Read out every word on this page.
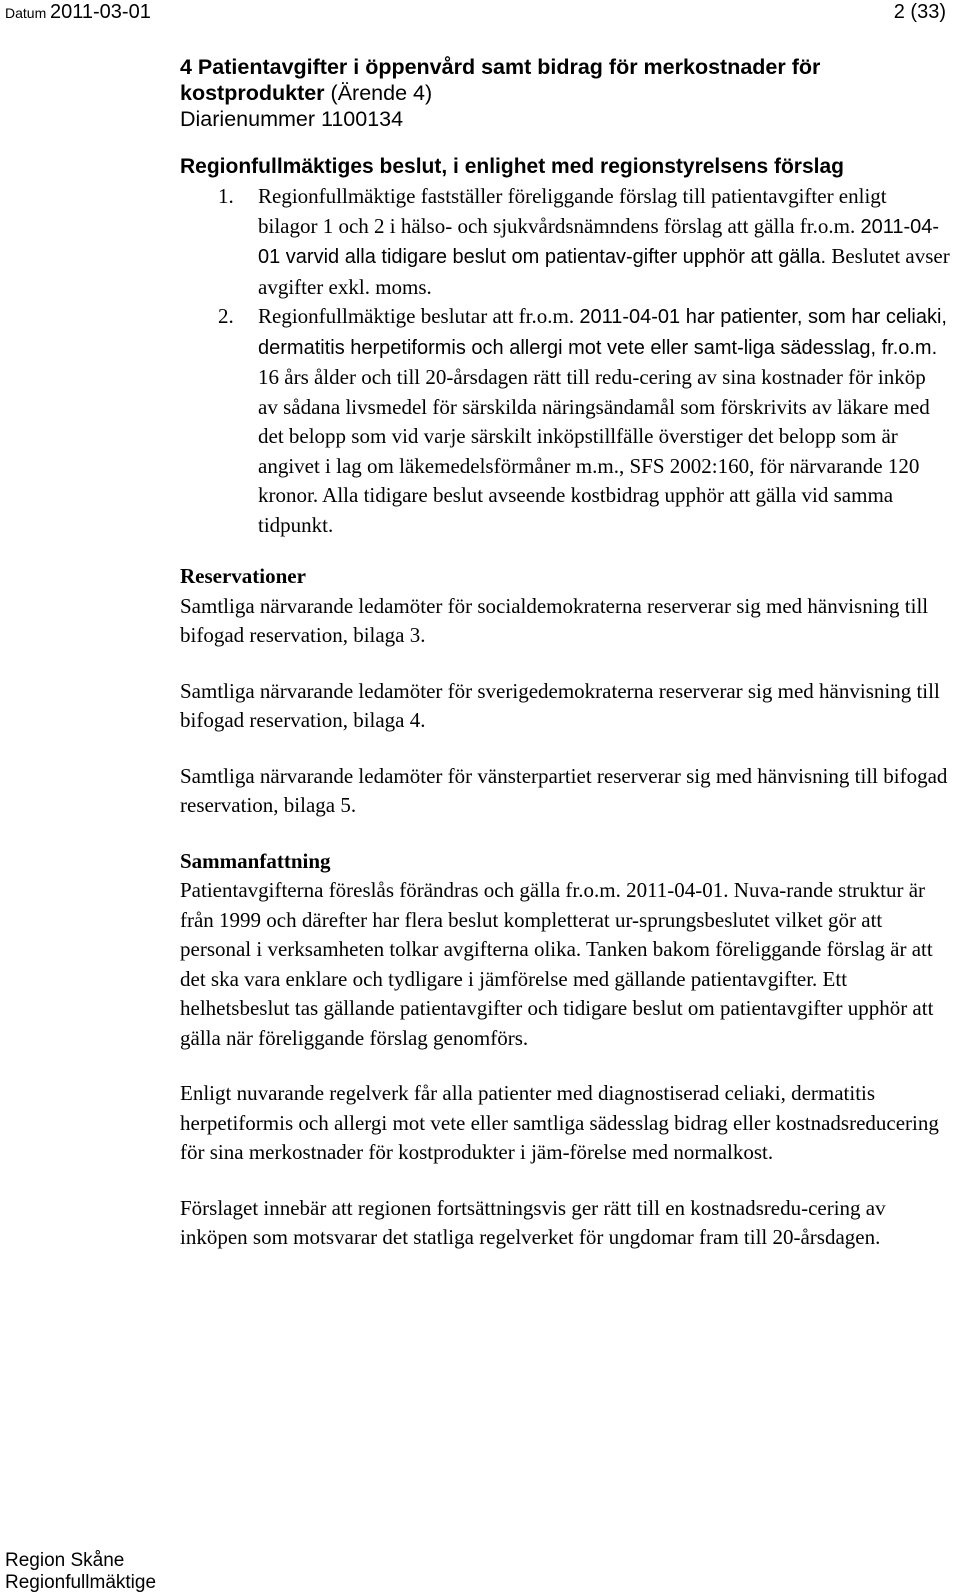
Datum 2011-03-01	2 (33)
4 Patientavgifter i öppenvård samt bidrag för merkostnader för kostprodukter (Ärende 4)
Diarienummer 1100134
Regionfullmäktiges beslut, i enlighet med regionstyrelsens förslag
1. Regionfullmäktige fastställer föreliggande förslag till patientavgifter enligt bilagor 1 och 2 i hälso- och sjukvårdsnämndens förslag att gälla fr.o.m. 2011-04-01 varvid alla tidigare beslut om patientav-gifter upphör att gälla. Beslutet avser avgifter exkl. moms.
2. Regionfullmäktige beslutar att fr.o.m. 2011-04-01 har patienter, som har celiaki, dermatitis herpetiformis och allergi mot vete eller samt-liga sädesslag, fr.o.m. 16 års ålder och till 20-årsdagen rätt till redu-cering av sina kostnader för inköp av sådana livsmedel för särskilda näringsändamål som förskrivits av läkare med det belopp som vid varje särskilt inköpstillfälle överstiger det belopp som är angivet i lag om läkemedelsförmåner m.m., SFS 2002:160, för närvarande 120 kronor. Alla tidigare beslut avseende kostbidrag upphör att gälla vid samma tidpunkt.
Reservationer

Samtliga närvarande ledamöter för socialdemokraterna reserverar sig med hänvisning till bifogad reservation, bilaga 3.

Samtliga närvarande ledamöter för sverigedemokraterna reserverar sig med hänvisning till bifogad reservation, bilaga 4.

Samtliga närvarande ledamöter för vänsterpartiet reserverar sig med hänvisning till bifogad reservation, bilaga 5.

Sammanfattning

Patientavgifterna föreslås förändras och gälla fr.o.m. 2011-04-01. Nuva-rande struktur är från 1999 och därefter har flera beslut kompletterat ur-sprungsbeslutet vilket gör att personal i verksamheten tolkar avgifterna olika. Tanken bakom föreliggande förslag är att det ska vara enklare och tydligare i jämförelse med gällande patientavgifter. Ett helhetsbeslut tas gällande patientavgifter och tidigare beslut om patientavgifter upphör att gälla när föreliggande förslag genomförs.

Enligt nuvarande regelverk får alla patienter med diagnostiserad celiaki, dermatitis herpetiformis och allergi mot vete eller samtliga sädesslag bidrag eller kostnadsreducering för sina merkostnader för kostprodukter i jäm-förelse med normalkost.

Förslaget innebär att regionen fortsättningsvis ger rätt till en kostnadsredu-cering av inköpen som motsvarar det statliga regelverket för ungdomar fram till 20-årsdagen.

Region Skåne
Regionfullmäktige
